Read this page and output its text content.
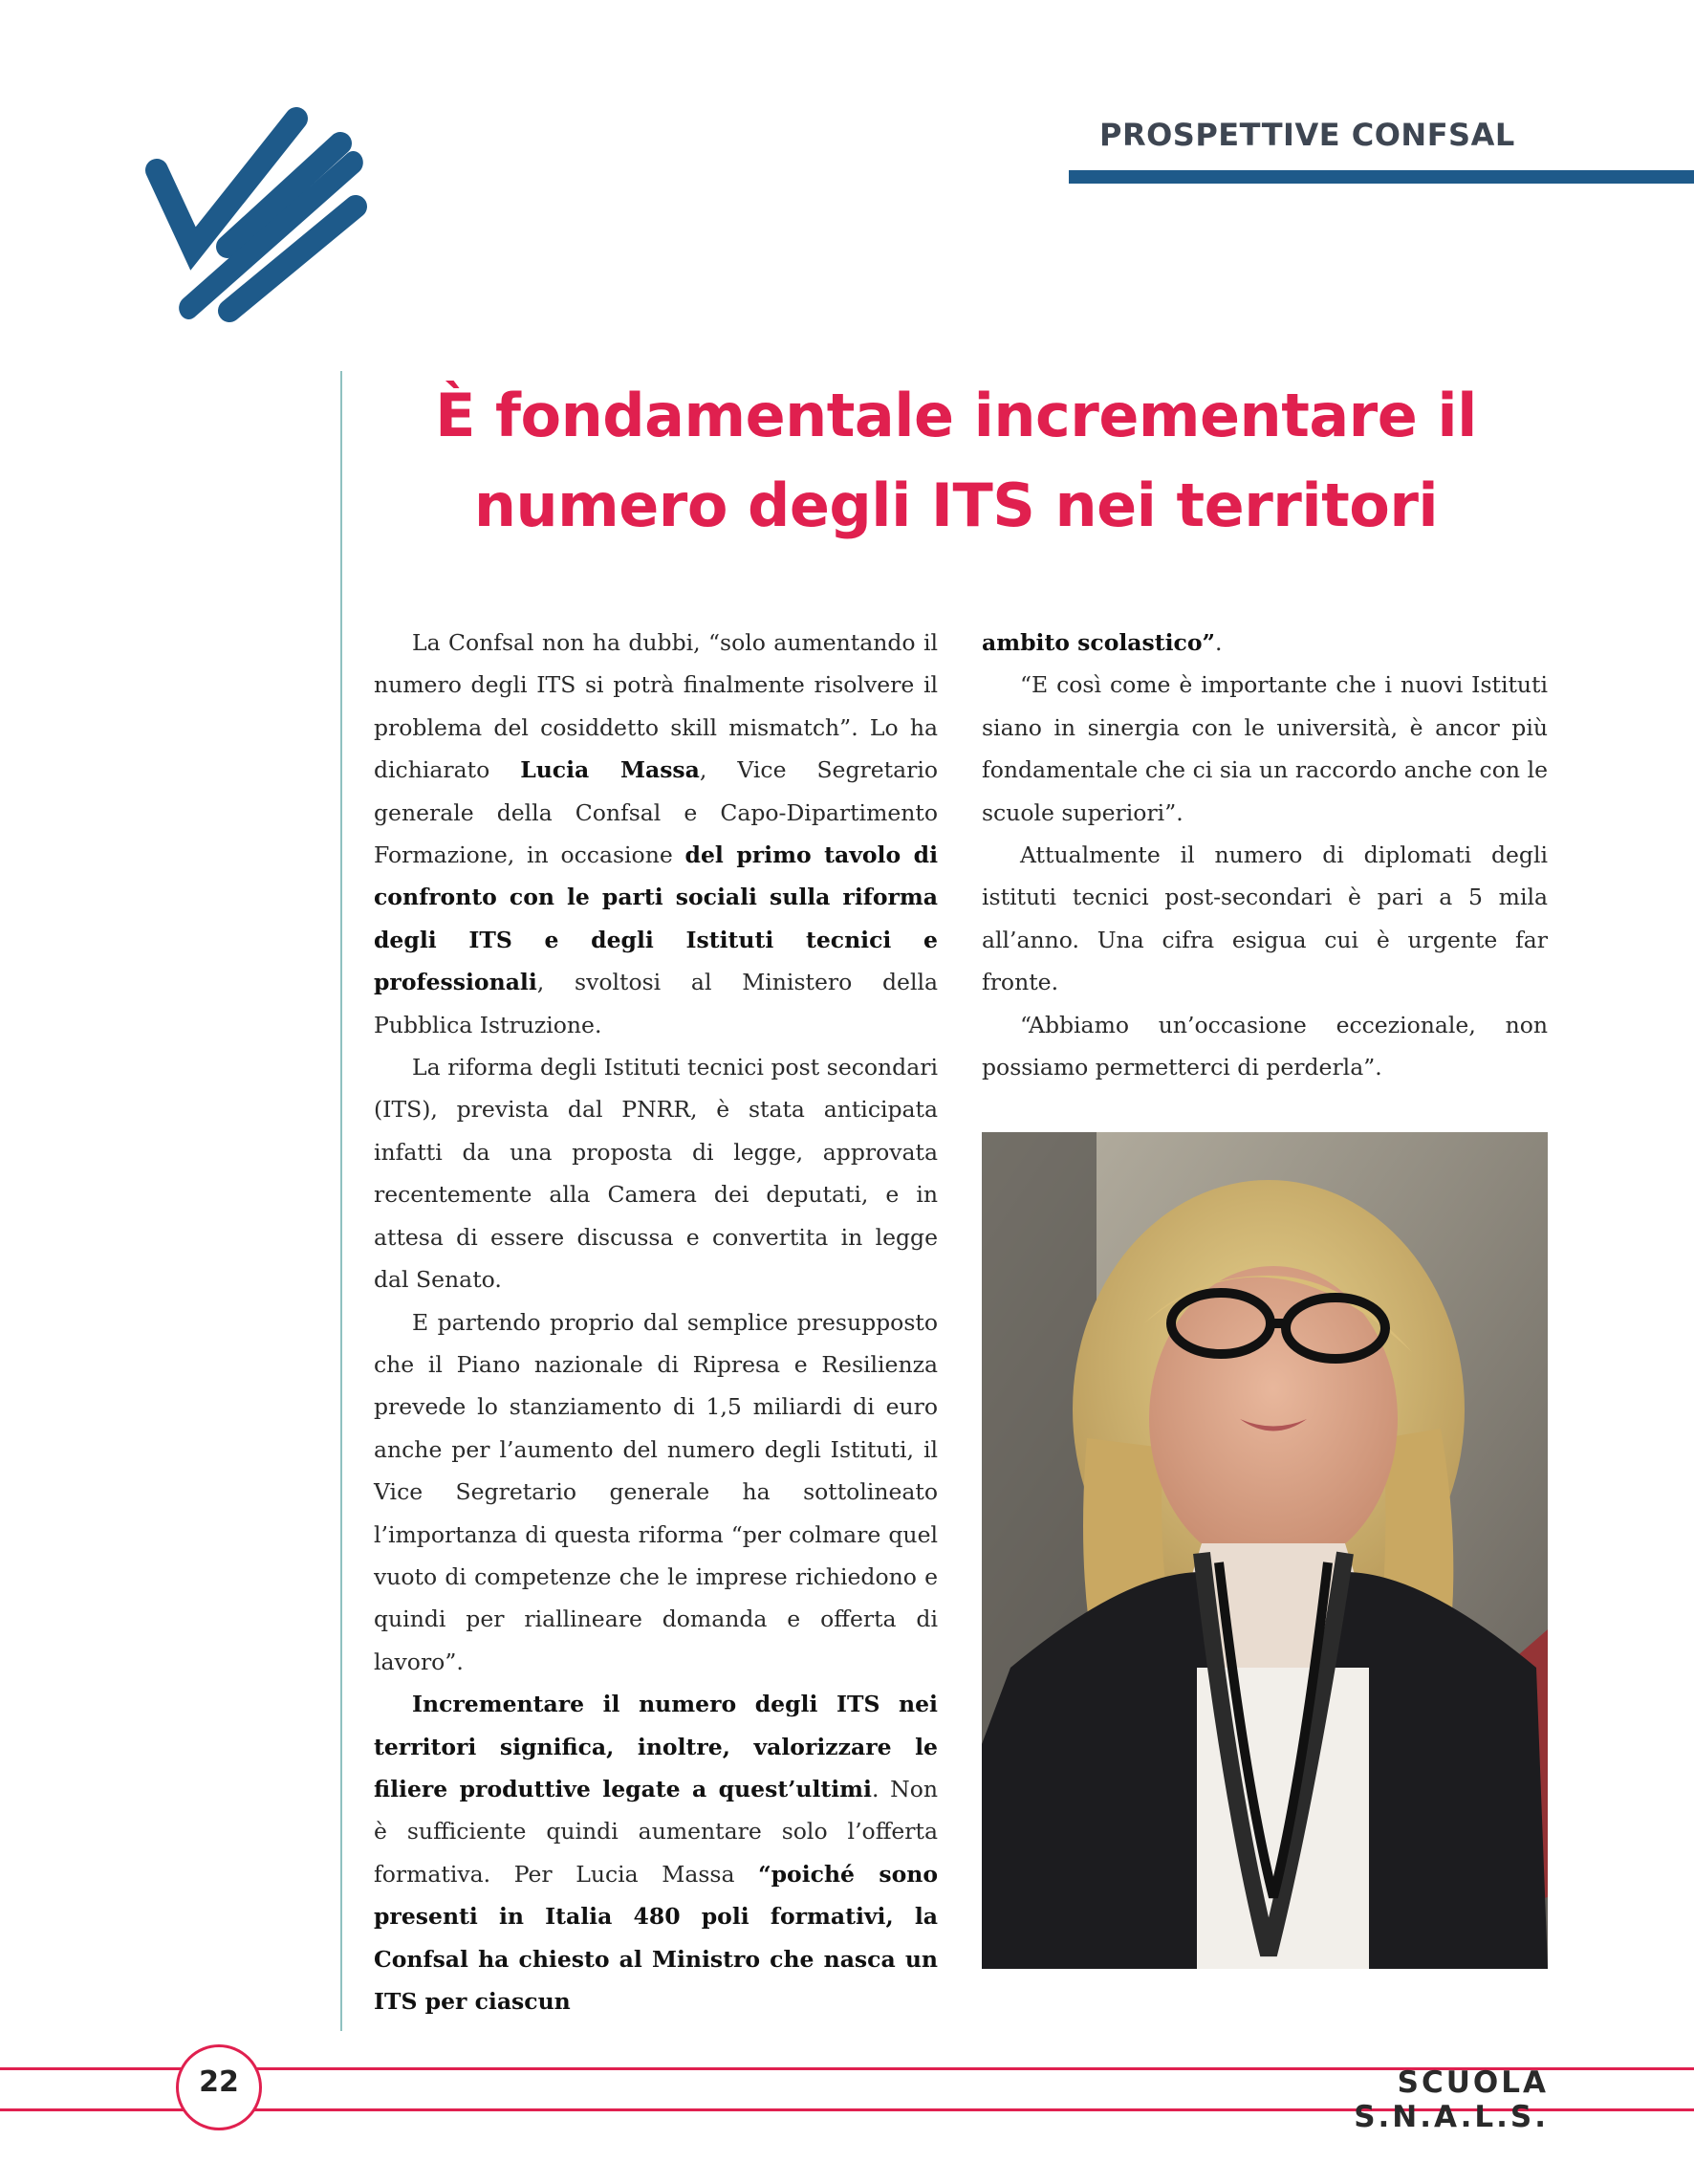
PROSPETTIVE CONFSAL
È fondamentale incrementare il
numero degli ITS nei territori

La Confsal non ha dubbi, “solo aumentando il numero degli ITS si potrà finalmente risolvere il problema del cosiddetto skill mismatch”. Lo ha dichiarato Lucia Massa, Vice Segretario generale della Confsal e Capo-Dipartimento Formazione, in occasione del primo tavolo di confronto con le parti sociali sulla riforma degli ITS e degli Istituti tecnici e professionali, svoltosi al Ministero della Pubblica Istruzione.

La riforma degli Istituti tecnici post secondari (ITS), prevista dal PNRR, è stata anticipata infatti da una proposta di legge, approvata recentemente alla Camera dei deputati, e in attesa di essere discussa e convertita in legge dal Senato.

E partendo proprio dal semplice presupposto che il Piano nazionale di Ripresa e Resilienza prevede lo stanziamento di 1,5 miliardi di euro anche per l’aumento del numero degli Istituti, il Vice Segretario generale ha sottolineato l’importanza di questa riforma “per colmare quel vuoto di competenze che le imprese richiedono e quindi per riallineare domanda e offerta di lavoro”.

Incrementare il numero degli ITS nei territori significa, inoltre, valorizzare le filiere produttive legate a quest’ultimi. Non è sufficiente quindi aumentare solo l’offerta formativa. Per Lucia Massa “poiché sono presenti in Italia 480 poli formativi, la Confsal ha chiesto al Ministro che nasca un ITS per ciascun

ambito scolastico”.

“E così come è importante che i nuovi Istituti siano in sinergia con le università, è ancor più fondamentale che ci sia un raccordo anche con le scuole superiori”.

Attualmente il numero di diplomati degli istituti tecnici post-secondari è pari a 5 mila all’anno. Una cifra esigua cui è urgente far fronte.

“Abbiamo un’occasione eccezionale, non possiamo permetterci di perderla”.

22	SCUOLA S.N.A.L.S.
